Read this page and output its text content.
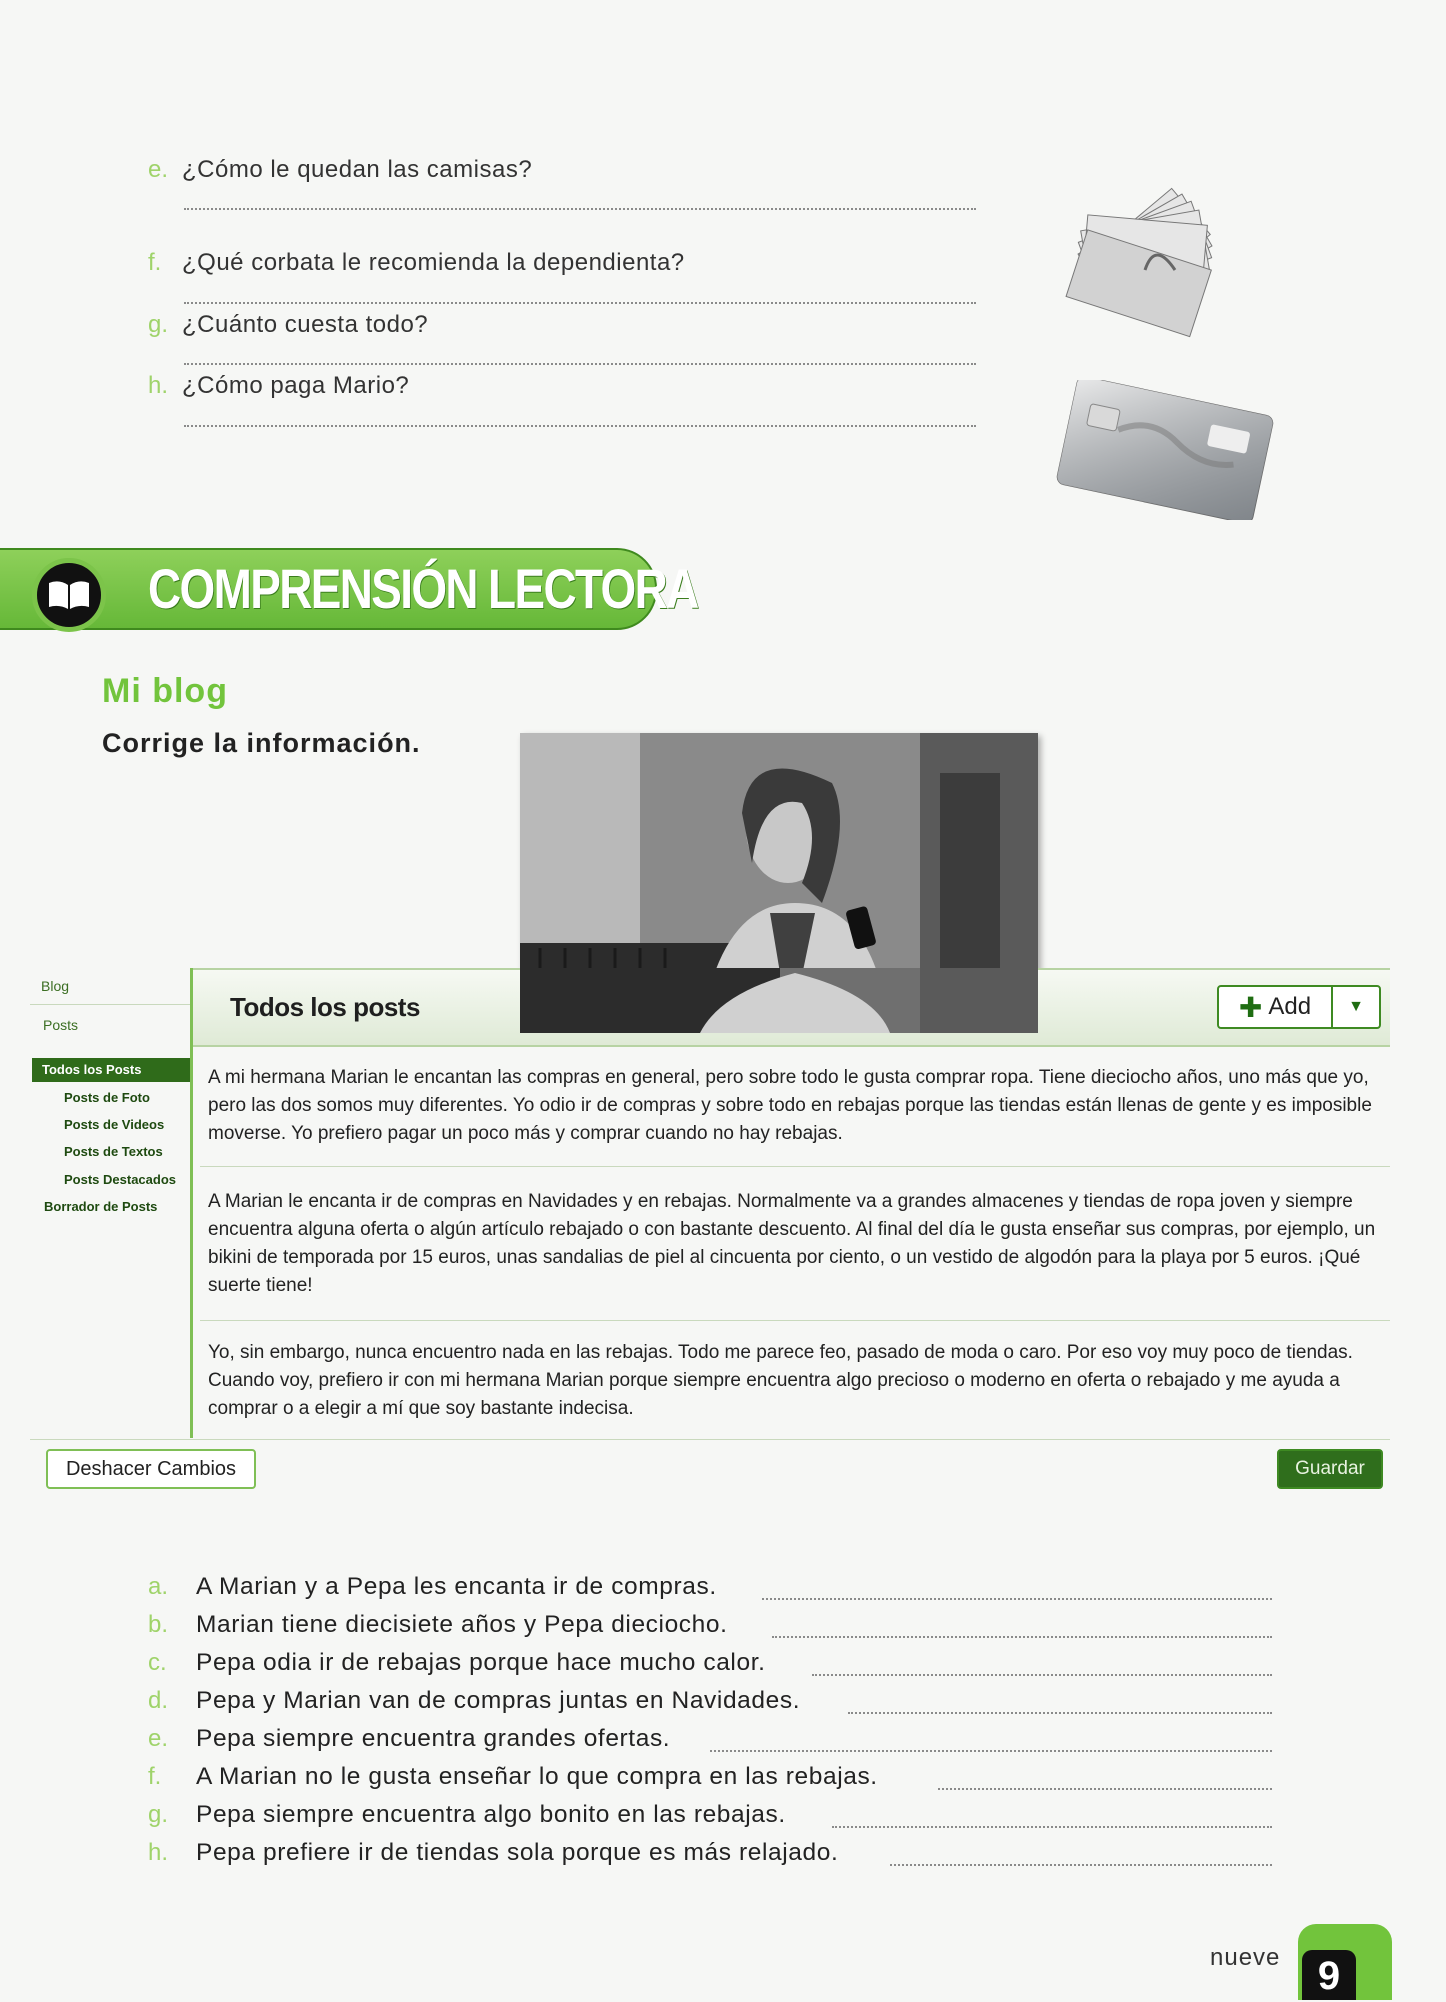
e. ¿Cómo le quedan las camisas?
f. ¿Qué corbata le recomienda la dependienta?
g. ¿Cuánto cuesta todo?
h. ¿Cómo paga Mario?
COMPRENSIÓN LECTORA
Mi blog
Corrige la información.
Blog
Posts
Todos los Posts
Posts de Foto
Posts de Videos
Posts de Textos
Posts Destacados
Borrador de Posts
Todos los posts	✚ Add	▼
A mi hermana Marian le encantan las compras en general, pero sobre todo le gusta comprar ropa. Tiene dieciocho años, uno más que yo, pero las dos somos muy diferentes. Yo odio ir de compras y sobre todo en rebajas porque las tiendas están llenas de gente y es imposible moverse. Yo prefiero pagar un poco más y comprar cuando no hay rebajas.
A Marian le encanta ir de compras en Navidades y en rebajas. Normalmente va a grandes almacenes y tiendas de ropa joven y siempre encuentra alguna oferta o algún artículo rebajado o con bastante descuento. Al final del día le gusta enseñar sus compras, por ejemplo, un bikini de temporada por 15 euros, unas sandalias de piel al cincuenta por ciento, o un vestido de algodón para la playa por 5 euros. ¡Qué suerte tiene!
Yo, sin embargo, nunca encuentro nada en las rebajas. Todo me parece feo, pasado de moda o caro. Por eso voy muy poco de tiendas. Cuando voy, prefiero ir con mi hermana Marian porque siempre encuentra algo precioso o moderno en oferta o rebajado y me ayuda a comprar o a elegir a mí que soy bastante indecisa.
Deshacer Cambios	Guardar
a. A Marian y a Pepa les encanta ir de compras.
b. Marian tiene diecisiete años y Pepa dieciocho.
c. Pepa odia ir de rebajas porque hace mucho calor.
d. Pepa y Marian van de compras juntas en Navidades.
e. Pepa siempre encuentra grandes ofertas.
f. A Marian no le gusta enseñar lo que compra en las rebajas.
g. Pepa siempre encuentra algo bonito en las rebajas.
h. Pepa prefiere ir de tiendas sola porque es más relajado.
nueve 9
